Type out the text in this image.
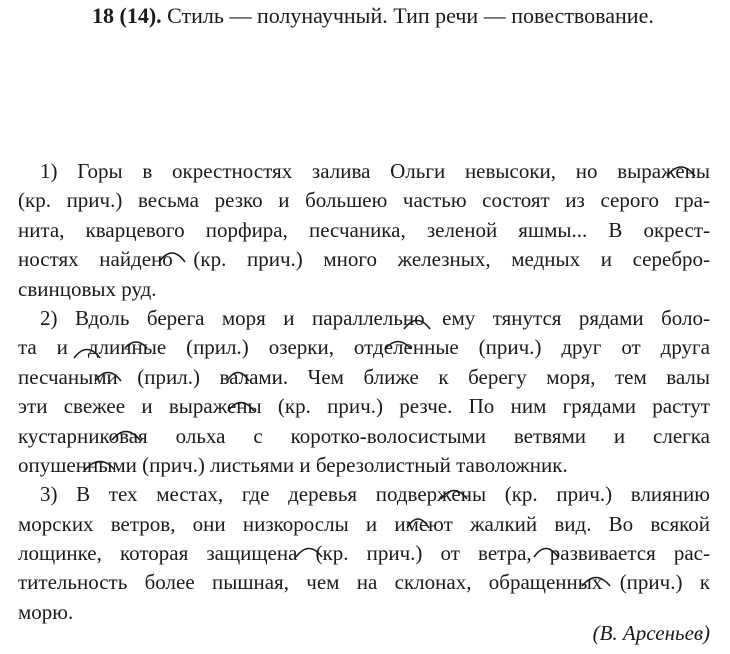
18 (14). Стиль — полунаучный. Тип речи — повествование.
1) Горы в окрестностях залива Ольги невысоки, но выражены
(кр. прич.) весьма резко и большею частью состоят из серого гра-
нита, кварцевого порфира, песчаника, зеленой яшмы... В окрест-
ностях найдено (кр. прич.) много железных, медных и серебро-
свинцовых руд.
2) Вдоль берега моря и параллельно ему тянутся рядами боло-
та и длинные (прил.) озерки, отделенные (прич.) друг от друга
песчаными (прил.) валами. Чем ближе к берегу моря, тем валы
эти свежее и выражены (кр. прич.) резче. По ним грядами растут
кустарниковая ольха с коротко-волосистыми ветвями и слегка
опушенными (прич.) листьями и березолистный таволожник.
3) В тех местах, где деревья подвержены (кр. прич.) влиянию
морских ветров, они низкорослы и имеют жалкий вид. Во всякой
лощинке, которая защищена (кр. прич.) от ветра, развивается рас-
тительность более пышная, чем на склонах, обращенных (прич.) к
морю.
(В. Арсеньев)
